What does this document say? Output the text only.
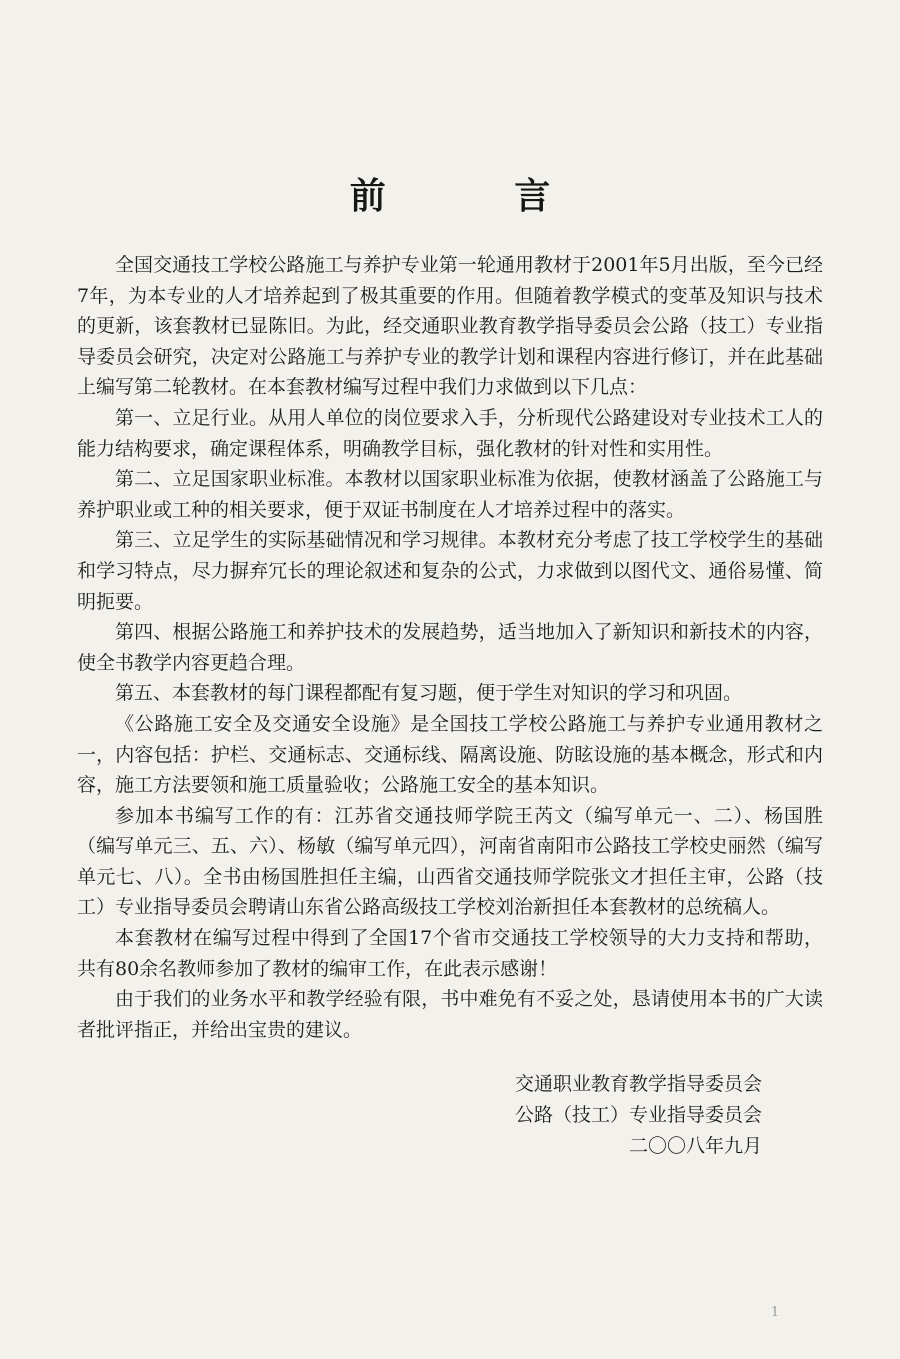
前 言

全国交通技工学校公路施工与养护专业第一轮通用教材于2001年5月出版，至今已经7年，为本专业的人才培养起到了极其重要的作用。但随着教学模式的变革及知识与技术的更新，该套教材已显陈旧。为此，经交通职业教育教学指导委员会公路（技工）专业指导委员会研究，决定对公路施工与养护专业的教学计划和课程内容进行修订，并在此基础上编写第二轮教材。在本套教材编写过程中我们力求做到以下几点：

第一、立足行业。从用人单位的岗位要求入手，分析现代公路建设对专业技术工人的能力结构要求，确定课程体系，明确教学目标，强化教材的针对性和实用性。

第二、立足国家职业标准。本教材以国家职业标准为依据，使教材涵盖了公路施工与养护职业或工种的相关要求，便于双证书制度在人才培养过程中的落实。

第三、立足学生的实际基础情况和学习规律。本教材充分考虑了技工学校学生的基础和学习特点，尽力摒弃冗长的理论叙述和复杂的公式，力求做到以图代文、通俗易懂、简明扼要。

第四、根据公路施工和养护技术的发展趋势，适当地加入了新知识和新技术的内容，使全书教学内容更趋合理。

第五、本套教材的每门课程都配有复习题，便于学生对知识的学习和巩固。

《公路施工安全及交通安全设施》是全国技工学校公路施工与养护专业通用教材之一，内容包括：护栏、交通标志、交通标线、隔离设施、防眩设施的基本概念，形式和内容，施工方法要领和施工质量验收；公路施工安全的基本知识。

参加本书编写工作的有：江苏省交通技师学院王芮文（编写单元一、二）、杨国胜（编写单元三、五、六）、杨敏（编写单元四），河南省南阳市公路技工学校史丽然（编写单元七、八）。全书由杨国胜担任主编，山西省交通技师学院张文才担任主审，公路（技工）专业指导委员会聘请山东省公路高级技工学校刘治新担任本套教材的总统稿人。

本套教材在编写过程中得到了全国17个省市交通技工学校领导的大力支持和帮助，共有80余名教师参加了教材的编审工作，在此表示感谢！

由于我们的业务水平和教学经验有限，书中难免有不妥之处，恳请使用本书的广大读者批评指正，并给出宝贵的建议。

交通职业教育教学指导委员会
公路（技工）专业指导委员会
二〇〇八年九月
1
